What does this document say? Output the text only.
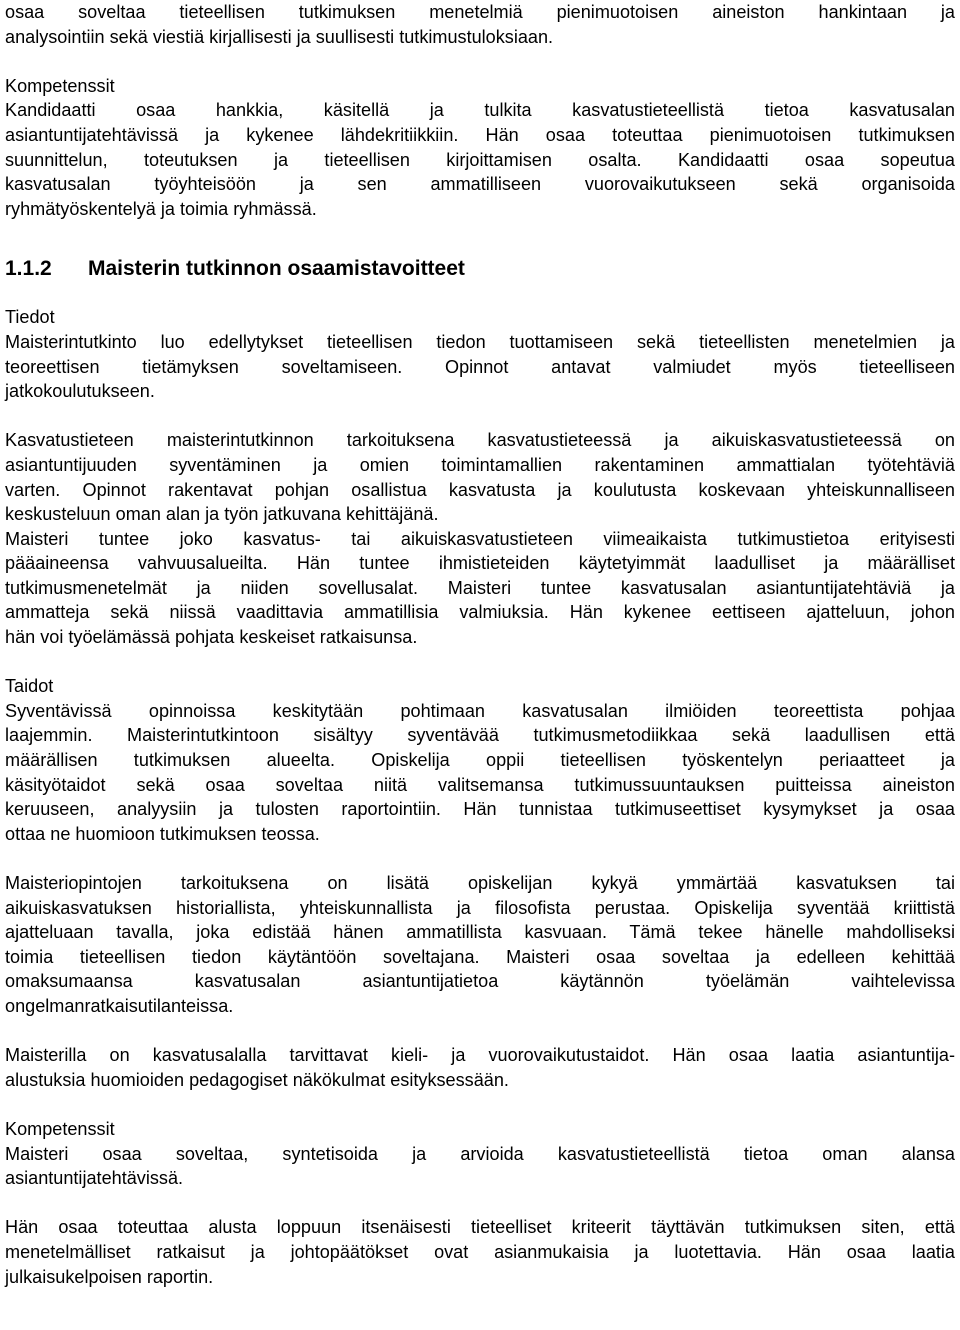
osaa soveltaa tieteellisen tutkimuksen menetelmiä pienimuotoisen aineiston hankintaan ja
analysointiin sekä viestiä kirjallisesti ja suullisesti tutkimustuloksiaan.
Kompetenssit
Kandidaatti osaa hankkia, käsitellä ja tulkita kasvatustieteellistä tietoa kasvatusalan
asiantuntijatehtävissä ja kykenee lähdekritiikkiin. Hän osaa toteuttaa pienimuotoisen tutkimuksen
suunnittelun, toteutuksen ja tieteellisen kirjoittamisen osalta. Kandidaatti osaa sopeutua
kasvatusalan työyhteisöön ja sen ammatilliseen vuorovaikutukseen sekä organisoida
ryhmätyöskentelyä ja toimia ryhmässä.
1.1.2 Maisterin tutkinnon osaamistavoitteet
Tiedot
Maisterintutkinto luo edellytykset tieteellisen tiedon tuottamiseen sekä tieteellisten menetelmien ja
teoreettisen tietämyksen soveltamiseen. Opinnot antavat valmiudet myös tieteelliseen
jatkokoulutukseen.
Kasvatustieteen maisterintutkinnon tarkoituksena kasvatustieteessä ja aikuiskasvatustieteessä on
asiantuntijuuden syventäminen ja omien toimintamallien rakentaminen ammattialan työtehtäviä
varten. Opinnot rakentavat pohjan osallistua kasvatusta ja koulutusta koskevaan yhteiskunnalliseen
keskusteluun oman alan ja työn jatkuvana kehittäjänä.
Maisteri tuntee joko kasvatus- tai aikuiskasvatustieteen viimeaikaista tutkimustietoa erityisesti
pääaineensa vahvuusalueilta. Hän tuntee ihmistieteiden käytetyimmät laadulliset ja määrälliset
tutkimusmenetelmät ja niiden sovellusalat. Maisteri tuntee kasvatusalan asiantuntijatehtäviä ja
ammatteja sekä niissä vaadittavia ammatillisia valmiuksia. Hän kykenee eettiseen ajatteluun, johon
hän voi työelämässä pohjata keskeiset ratkaisunsa.
Taidot
Syventävissä opinnoissa keskitytään pohtimaan kasvatusalan ilmiöiden teoreettista pohjaa
laajemmin. Maisterintutkintoon sisältyy syventävää tutkimusmetodiikkaa sekä laadullisen että
määrällisen tutkimuksen alueelta. Opiskelija oppii tieteellisen työskentelyn periaatteet ja
käsityötaidot sekä osaa soveltaa niitä valitsemansa tutkimussuuntauksen puitteissa aineiston
keruuseen, analyysiin ja tulosten raportointiin. Hän tunnistaa tutkimuseettiset kysymykset ja osaa
ottaa ne huomioon tutkimuksen teossa.
Maisteriopintojen tarkoituksena on lisätä opiskelijan kykyä ymmärtää kasvatuksen tai
aikuiskasvatuksen historiallista, yhteiskunnallista ja filosofista perustaa. Opiskelija syventää kriittistä
ajatteluaan tavalla, joka edistää hänen ammatillista kasvuaan. Tämä tekee hänelle mahdolliseksi
toimia tieteellisen tiedon käytäntöön soveltajana. Maisteri osaa soveltaa ja edelleen kehittää
omaksumaansa kasvatusalan asiantuntijatietoa käytännön työelämän vaihtelevissa
ongelmanratkaisutilanteissa.
Maisterilla on kasvatusalalla tarvittavat kieli- ja vuorovaikutustaidot. Hän osaa laatia asiantuntija-
alustuksia huomioiden pedagogiset näkökulmat esityksessään.
Kompetenssit
Maisteri osaa soveltaa, syntetisoida ja arvioida kasvatustieteellistä tietoa oman alansa
asiantuntijatehtävissä.
Hän osaa toteuttaa alusta loppuun itsenäisesti tieteelliset kriteerit täyttävän tutkimuksen siten, että
menetelmälliset ratkaisut ja johtopäätökset ovat asianmukaisia ja luotettavia. Hän osaa laatia
julkaisukelpoisen raportin.
